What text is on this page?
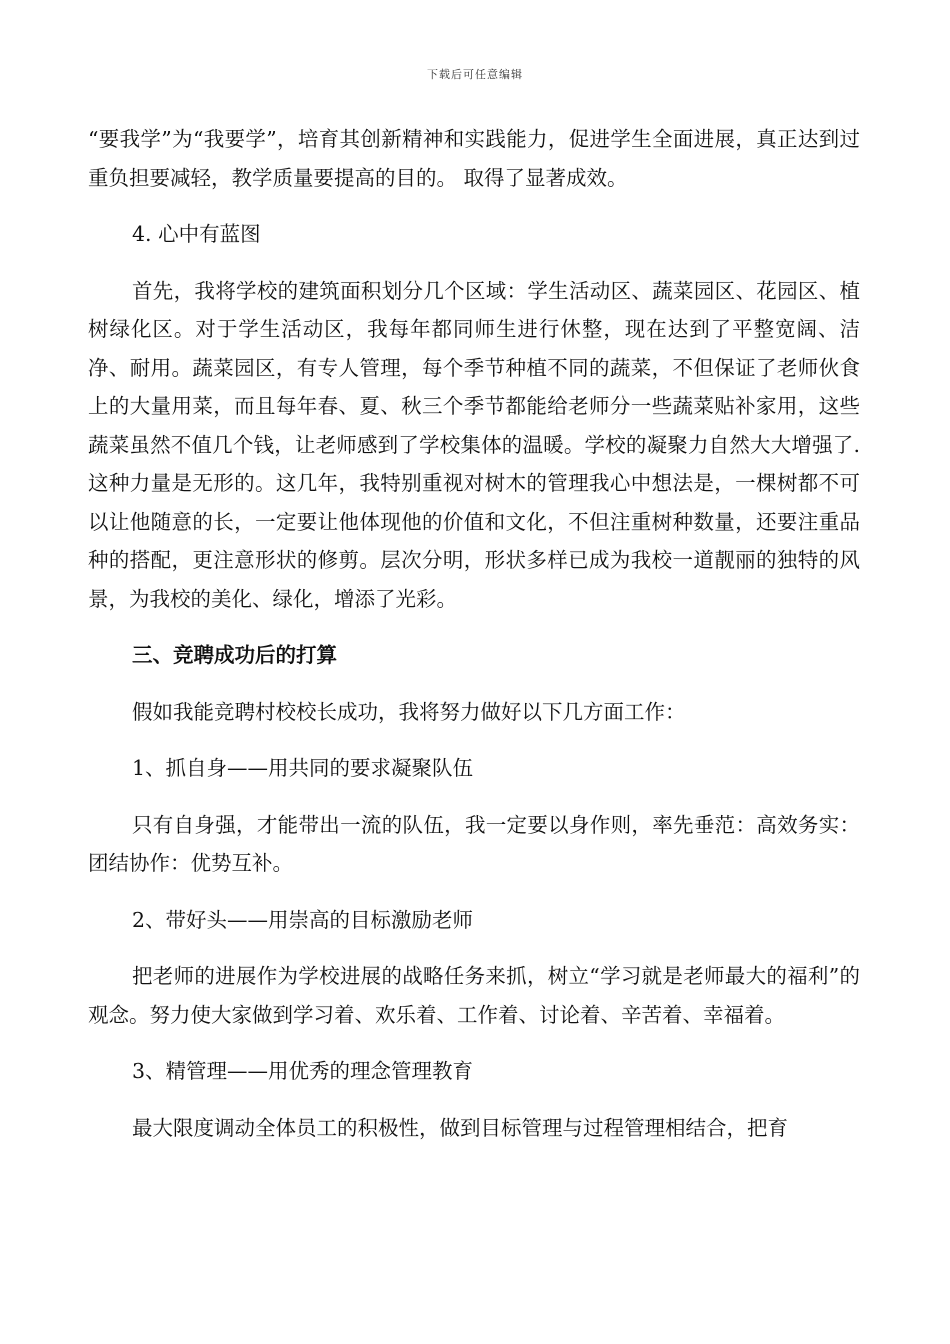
下载后可任意编辑

“要我学”为“我要学”，培育其创新精神和实践能力，促进学生全面进展，真正达到过重负担要减轻，教学质量要提高的目的。 取得了显著成效。

4. 心中有蓝图

首先，我将学校的建筑面积划分几个区域：学生活动区、蔬菜园区、花园区、植树绿化区。对于学生活动区，我每年都同师生进行休整，现在达到了平整宽阔、洁净、耐用。蔬菜园区，有专人管理，每个季节种植不同的蔬菜，不但保证了老师伙食上的大量用菜，而且每年春、夏、秋三个季节都能给老师分一些蔬菜贴补家用，这些蔬菜虽然不值几个钱，让老师感到了学校集体的温暖。学校的凝聚力自然大大增强了.这种力量是无形的。这几年，我特别重视对树木的管理我心中想法是，一棵树都不可以让他随意的长，一定要让他体现他的价值和文化，不但注重树种数量，还要注重品种的搭配，更注意形状的修剪。层次分明，形状多样已成为我校一道靓丽的独特的风景，为我校的美化、绿化，增添了光彩。

三、竞聘成功后的打算

假如我能竞聘村校校长成功，我将努力做好以下几方面工作：

1、抓自身——用共同的要求凝聚队伍

只有自身强，才能带出一流的队伍，我一定要以身作则，率先垂范：高效务实：团结协作：优势互补。

2、带好头——用崇高的目标激励老师

把老师的进展作为学校进展的战略任务来抓，树立“学习就是老师最大的福利”的观念。努力使大家做到学习着、欢乐着、工作着、讨论着、辛苦着、幸福着。

3、精管理——用优秀的理念管理教育

最大限度调动全体员工的积极性，做到目标管理与过程管理相结合，把育
